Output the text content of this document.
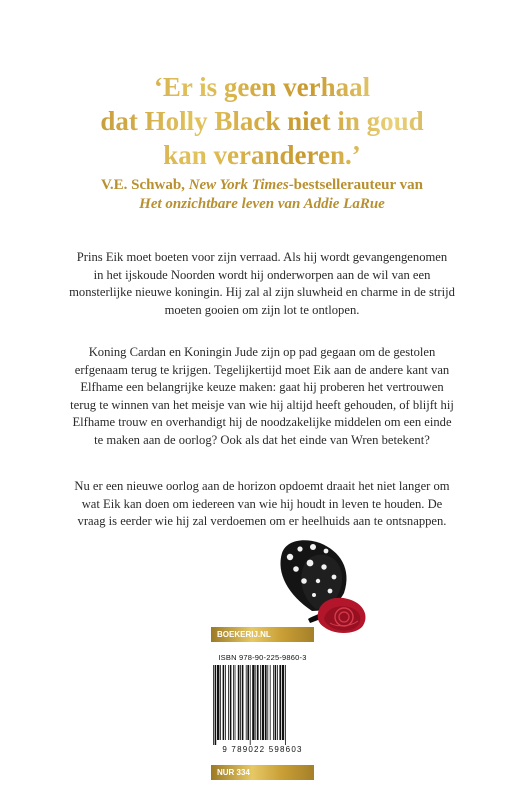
‘Er is geen verhaal
dat Holly Black niet in goud
kan veranderen.’
V.E. Schwab, New York Times-bestsellerauteur van
Het onzichtbare leven van Addie LaRue
Prins Eik moet boeten voor zijn verraad. Als hij wordt gevangengenomen
in het ijskoude Noorden wordt hij onderworpen aan de wil van een
monsterlijke nieuwe koningin. Hij zal al zijn sluwheid en charme in de strijd
moeten gooien om zijn lot te ontlopen.
Koning Cardan en Koningin Jude zijn op pad gegaan om de gestolen
erfgenaam terug te krijgen. Tegelijkertijd moet Eik aan de andere kant van
Elfhame een belangrijke keuze maken: gaat hij proberen het vertrouwen
terug te winnen van het meisje van wie hij altijd heeft gehouden, of blijft hij
Elfhame trouw en overhandigt hij de noodzakelijke middelen om een einde
te maken aan de oorlog? Ook als dat het einde van Wren betekent?
Nu er een nieuwe oorlog aan de horizon opdoemt draait het niet langer om
wat Eik kan doen om iedereen van wie hij houdt in leven te houden. De
vraag is eerder wie hij zal verdoemen om er heelhuids aan te ontsnappen.
BOEKERIJ.NL
ISBN 978-90-225-9860-3
9 789022 598603
NUR 334
